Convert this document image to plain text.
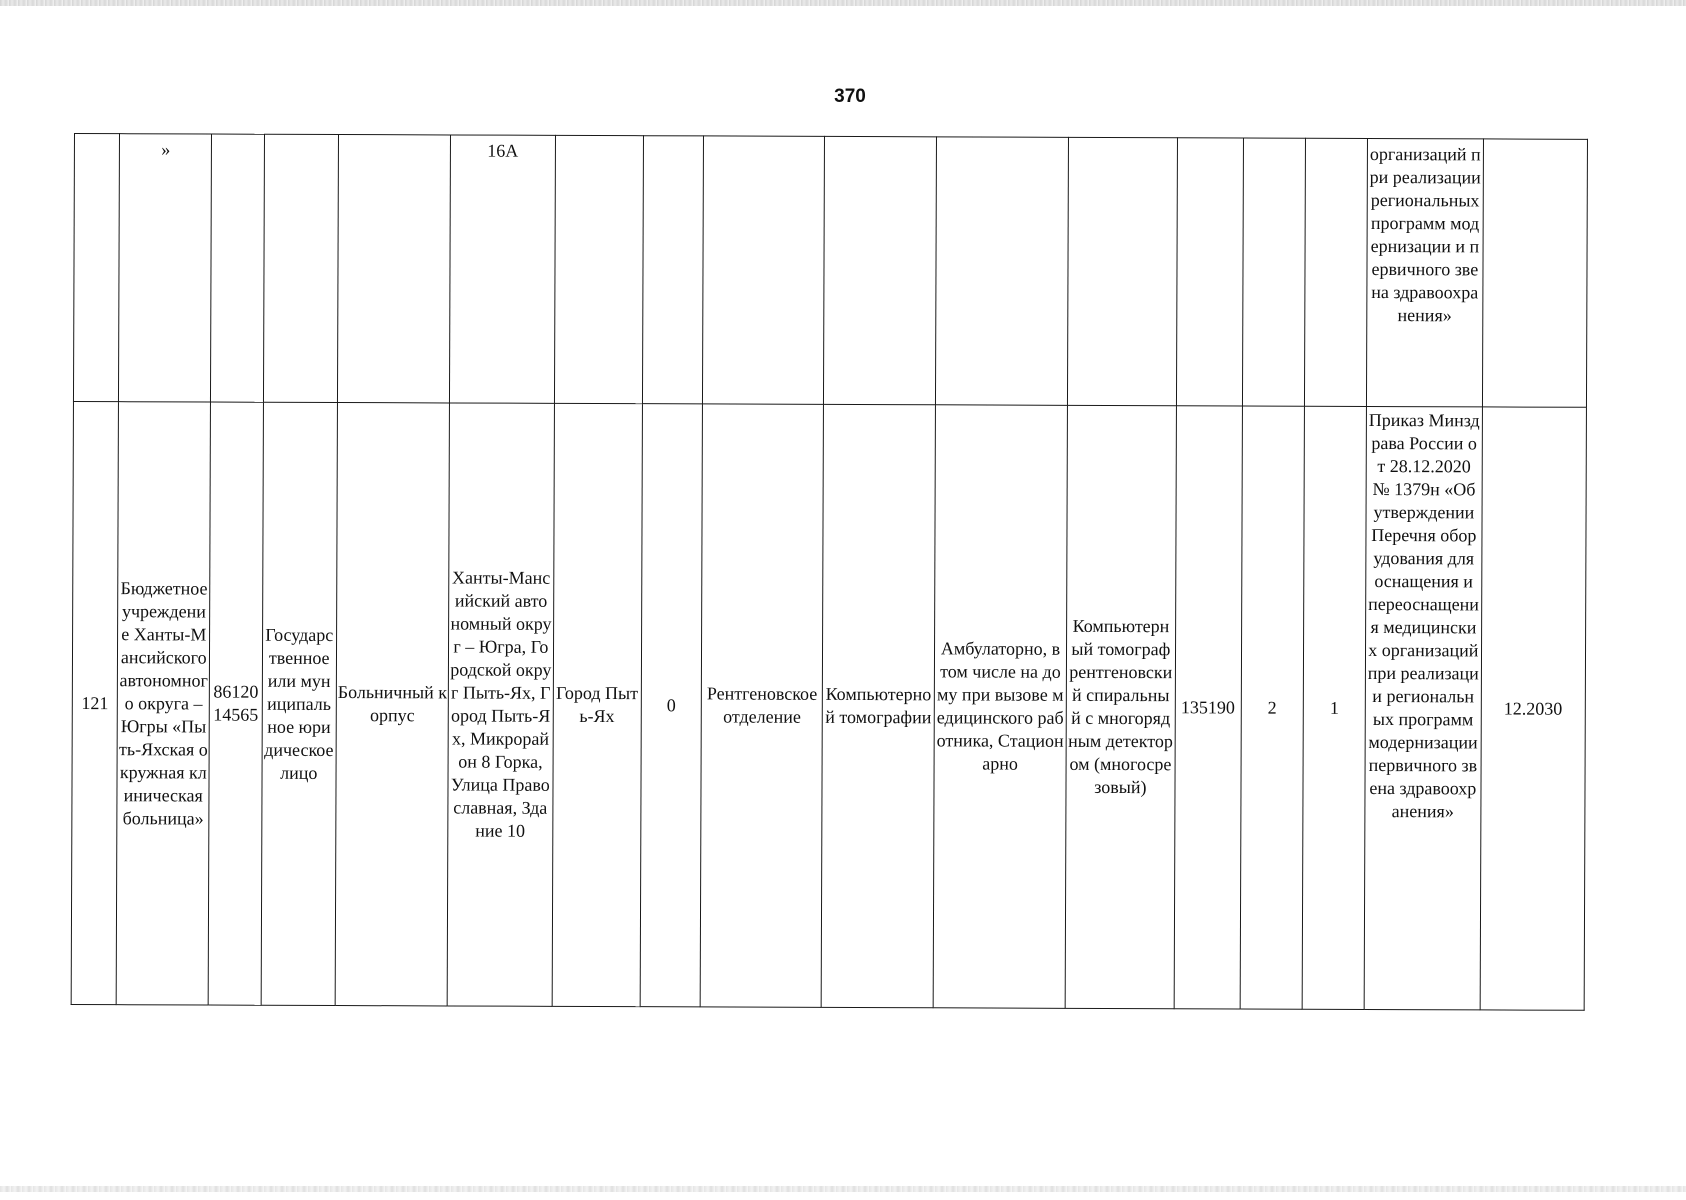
370
	»				16А										организаций при реализации региональных программ модернизации и первичного звена здравоохранения»	
121	Бюджетное учреждение Ханты-Мансийского автономного округа – Югры «Пыть-Яхская окружная клиническая больница»	8612014565	Государственное или муниципальное юридическое лицо	Больничный корпус	Ханты-Мансийский автономный округ – Югра, Городской округ Пыть-Ях, Город Пыть-Ях, Микрорайон 8 Горка, Улица Православная, Здание 10	Город Пыть-Ях	0	Рентгеновское отделение	Компьютерной томографии	Амбулаторно, в том числе на дому при вызове медицинского работника, Стационарно	Компьютерный томограф рентгеновский спиральный с многорядным детектором (многосрезовый)	135190	2	1	Приказ Минздрава России от 28.12.2020 № 1379н «Об утверждении Перечня оборудования для оснащения и переоснащения медицинских организаций при реализации региональных программ модернизации первичного звена здравоохранения»	12.2030
